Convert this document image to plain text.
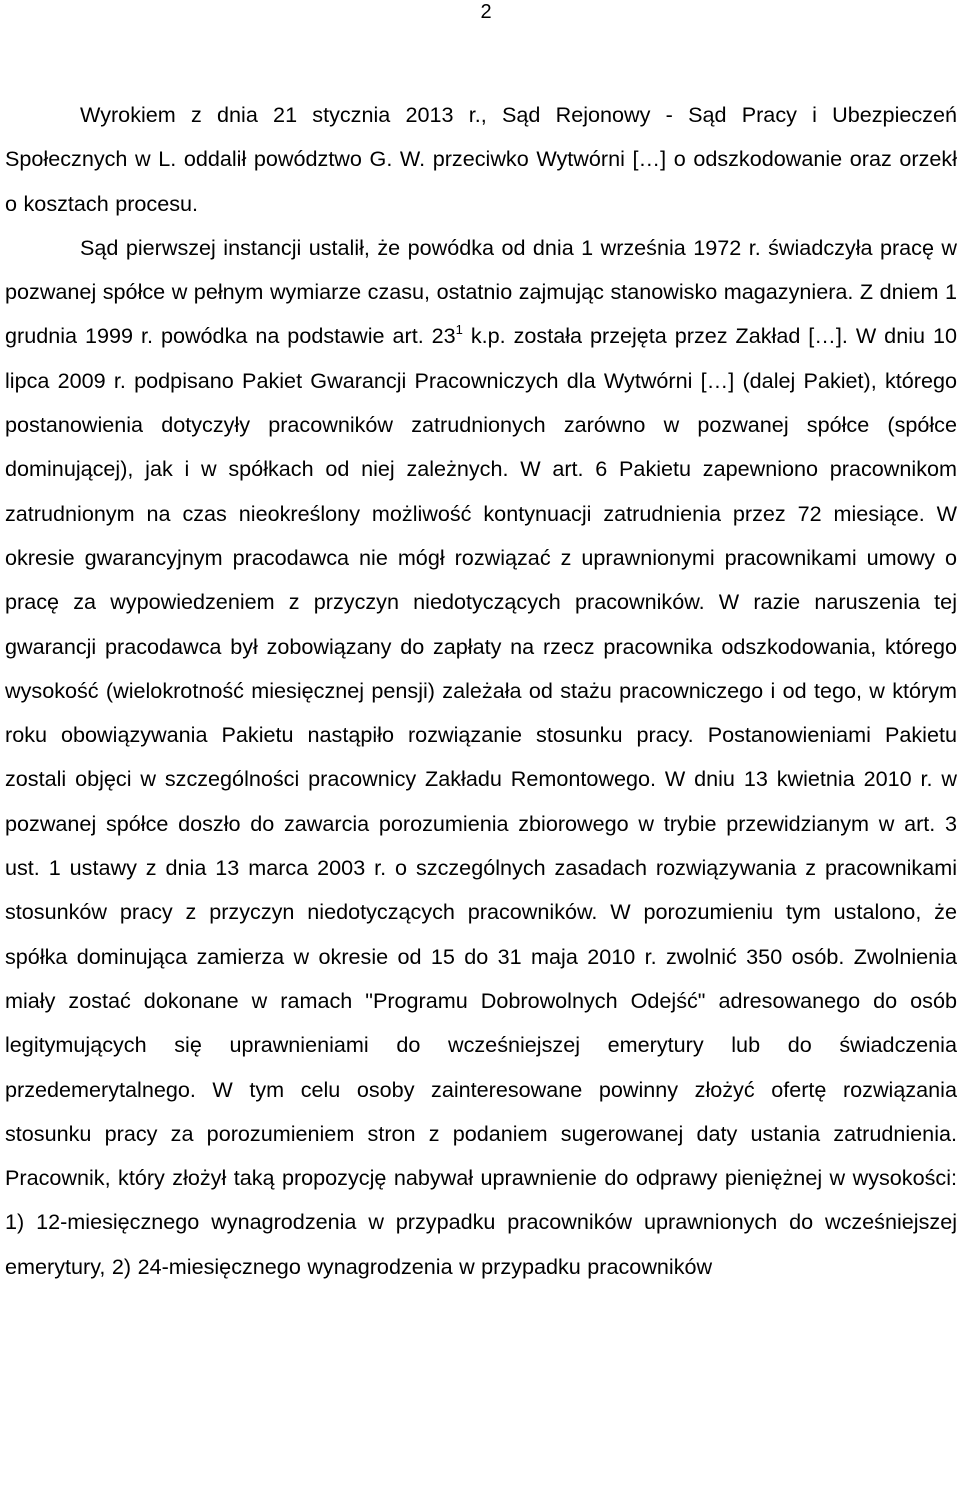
2

Wyrokiem z dnia 21 stycznia 2013 r., Sąd Rejonowy - Sąd Pracy i Ubezpieczeń Społecznych w L. oddalił powództwo G. W. przeciwko Wytwórni […] o odszkodowanie oraz orzekł o kosztach procesu.

Sąd pierwszej instancji ustalił, że powódka od dnia 1 września 1972 r. świadczyła pracę w pozwanej spółce w pełnym wymiarze czasu, ostatnio zajmując stanowisko magazyniera. Z dniem 1 grudnia 1999 r. powódka na podstawie art. $23^1$ k.p. została przejęta przez Zakład […]. W dniu 10 lipca 2009 r. podpisano Pakiet Gwarancji Pracowniczych dla Wytwórni […] (dalej Pakiet), którego postanowienia dotyczyły pracowników zatrudnionych zarówno w pozwanej spółce (spółce dominującej), jak i w spółkach od niej zależnych. W art. 6 Pakietu zapewniono pracownikom zatrudnionym na czas nieokreślony możliwość kontynuacji zatrudnienia przez 72 miesiące. W okresie gwarancyjnym pracodawca nie mógł rozwiązać z uprawnionymi pracownikami umowy o pracę za wypowiedzeniem z przyczyn niedotyczących pracowników. W razie naruszenia tej gwarancji pracodawca był zobowiązany do zapłaty na rzecz pracownika odszkodowania, którego wysokość (wielokrotność miesięcznej pensji) zależała od stażu pracowniczego i od tego, w którym roku obowiązywania Pakietu nastąpiło rozwiązanie stosunku pracy. Postanowieniami Pakietu zostali objęci w szczególności pracownicy Zakładu Remontowego. W dniu 13 kwietnia 2010 r. w pozwanej spółce doszło do zawarcia porozumienia zbiorowego w trybie przewidzianym w art. 3 ust. 1 ustawy z dnia 13 marca 2003 r. o szczególnych zasadach rozwiązywania z pracownikami stosunków pracy z przyczyn niedotyczących pracowników. W porozumieniu tym ustalono, że spółka dominująca zamierza w okresie od 15 do 31 maja 2010 r. zwolnić 350 osób. Zwolnienia miały zostać dokonane w ramach "Programu Dobrowolnych Odejść" adresowanego do osób legitymujących się uprawnieniami do wcześniejszej emerytury lub do świadczenia przedemerytalnego. W tym celu osoby zainteresowane powinny złożyć ofertę rozwiązania stosunku pracy za porozumieniem stron z podaniem sugerowanej daty ustania zatrudnienia. Pracownik, który złożył taką propozycję nabywał uprawnienie do odprawy pieniężnej w wysokości: 1) 12-miesięcznego wynagrodzenia w przypadku pracowników uprawnionych do wcześniejszej emerytury, 2) 24-miesięcznego wynagrodzenia w przypadku pracowników
